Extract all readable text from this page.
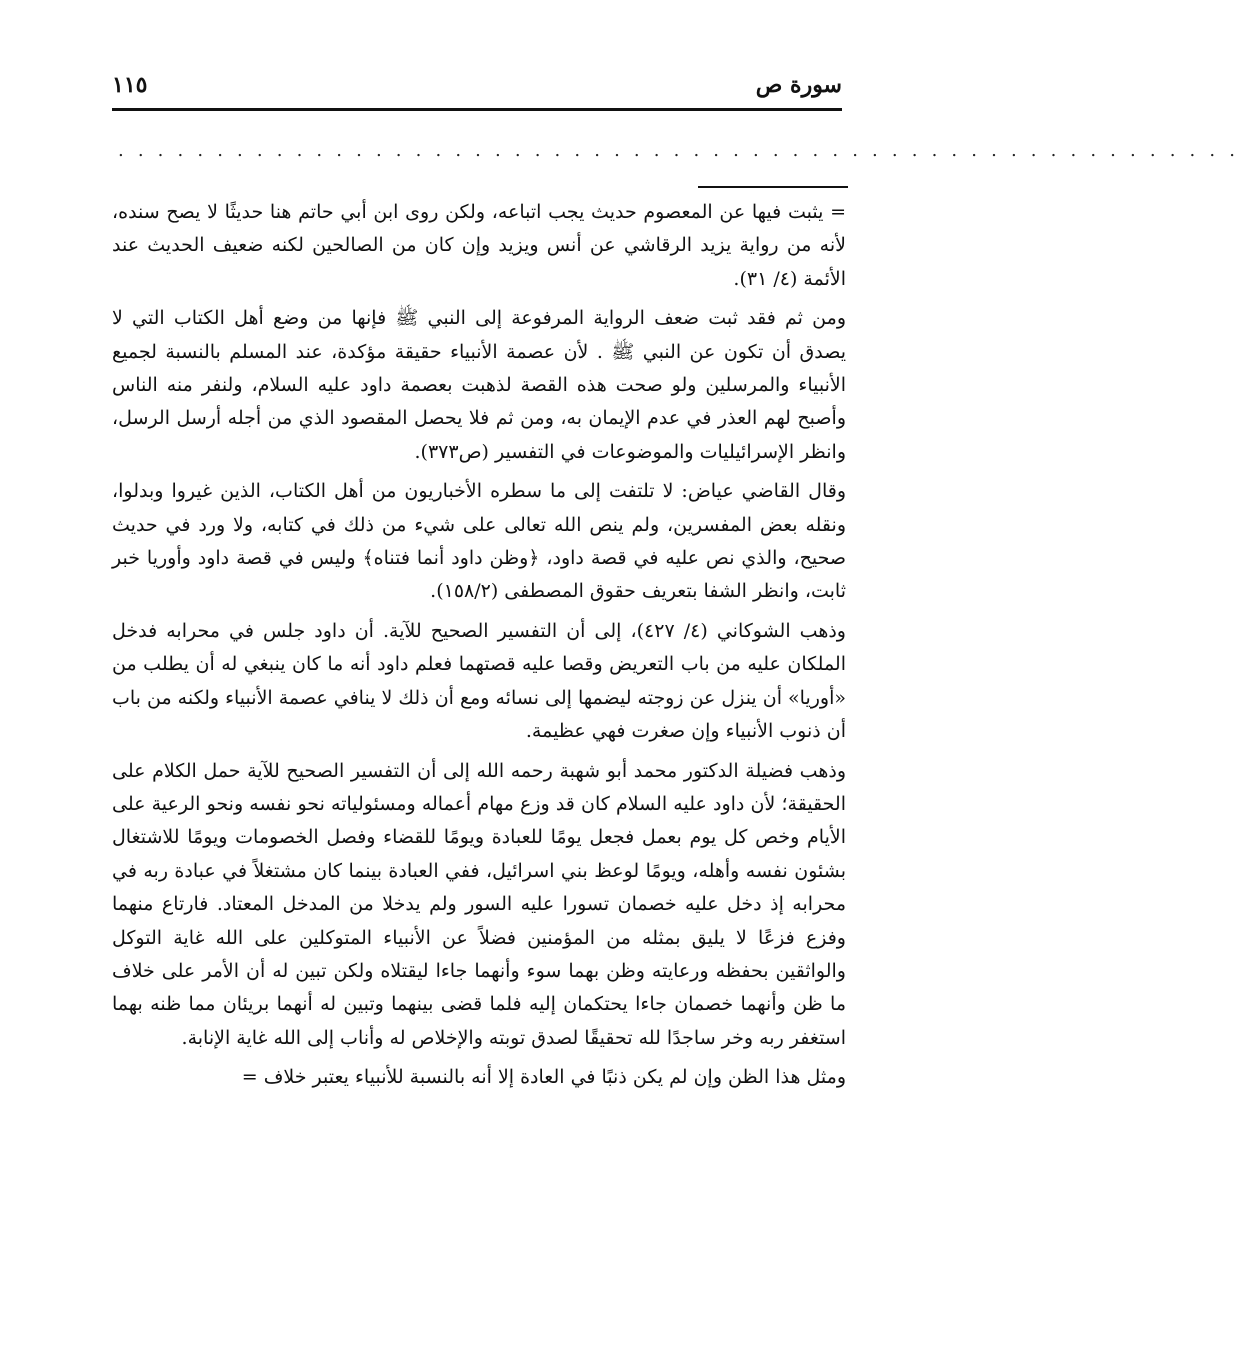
سورة ص
١١٥
. . . . . . . . . . . . . . . . . . . . . . . . . . . . . . . . . . . . . . . . . . . . . . . . . . . . . . . . .

= يثبت فيها عن المعصوم حديث يجب اتباعه، ولكن روى ابن أبي حاتم هنا حديثًا لا يصح سنده، لأنه من رواية يزيد الرقاشي عن أنس ويزيد وإن كان من الصالحين لكنه ضعيف الحديث عند الأئمة (٤/ ٣١).

ومن ثم فقد ثبت ضعف الرواية المرفوعة إلى النبي ﷺ فإنها من وضع أهل الكتاب التي لا يصدق أن تكون عن النبي ﷺ . لأن عصمة الأنبياء حقيقة مؤكدة، عند المسلم بالنسبة لجميع الأنبياء والمرسلين ولو صحت هذه القصة لذهبت بعصمة داود عليه السلام، ولنفر منه الناس وأصبح لهم العذر في عدم الإيمان به، ومن ثم فلا يحصل المقصود الذي من أجله أرسل الرسل، وانظر الإسرائيليات والموضوعات في التفسير (ص٣٧٣).

وقال القاضي عياض: لا تلتفت إلى ما سطره الأخباريون من أهل الكتاب، الذين غيروا وبدلوا، ونقله بعض المفسرين، ولم ينص الله تعالى على شيء من ذلك في كتابه، ولا ورد في حديث صحيح، والذي نص عليه في قصة داود، ﴿وظن داود أنما فتناه﴾ وليس في قصة داود وأوريا خبر ثابت، وانظر الشفا بتعريف حقوق المصطفى (١٥٨/٢).

وذهب الشوكاني (٤/ ٤٢٧)، إلى أن التفسير الصحيح للآية. أن داود جلس في محرابه فدخل الملكان عليه من باب التعريض وقصا عليه قصتهما فعلم داود أنه ما كان ينبغي له أن يطلب من «أوريا» أن ينزل عن زوجته ليضمها إلى نسائه ومع أن ذلك لا ينافي عصمة الأنبياء ولكنه من باب أن ذنوب الأنبياء وإن صغرت فهي عظيمة.

وذهب فضيلة الدكتور محمد أبو شهبة رحمه الله إلى أن التفسير الصحيح للآية حمل الكلام على الحقيقة؛ لأن داود عليه السلام كان قد وزع مهام أعماله ومسئولياته نحو نفسه ونحو الرعية على الأيام وخص كل يوم بعمل فجعل يومًا للعبادة ويومًا للقضاء وفصل الخصومات ويومًا للاشتغال بشئون نفسه وأهله، ويومًا لوعظ بني اسرائيل، ففي العبادة بينما كان مشتغلاً في عبادة ربه في محرابه إذ دخل عليه خصمان تسورا عليه السور ولم يدخلا من المدخل المعتاد. فارتاع منهما وفزع فزعًا لا يليق بمثله من المؤمنين فضلاً عن الأنبياء المتوكلين على الله غاية التوكل والواثقين بحفظه ورعايته وظن بهما سوء وأنهما جاءا ليقتلاه ولكن تبين له أن الأمر على خلاف ما ظن وأنهما خصمان جاءا يحتكمان إليه فلما قضى بينهما وتبين له أنهما بريئان مما ظنه بهما استغفر ربه وخر ساجدًا لله تحقيقًا لصدق توبته والإخلاص له وأناب إلى الله غاية الإنابة.

ومثل هذا الظن وإن لم يكن ذنبًا في العادة إلا أنه بالنسبة للأنبياء يعتبر خلاف =
